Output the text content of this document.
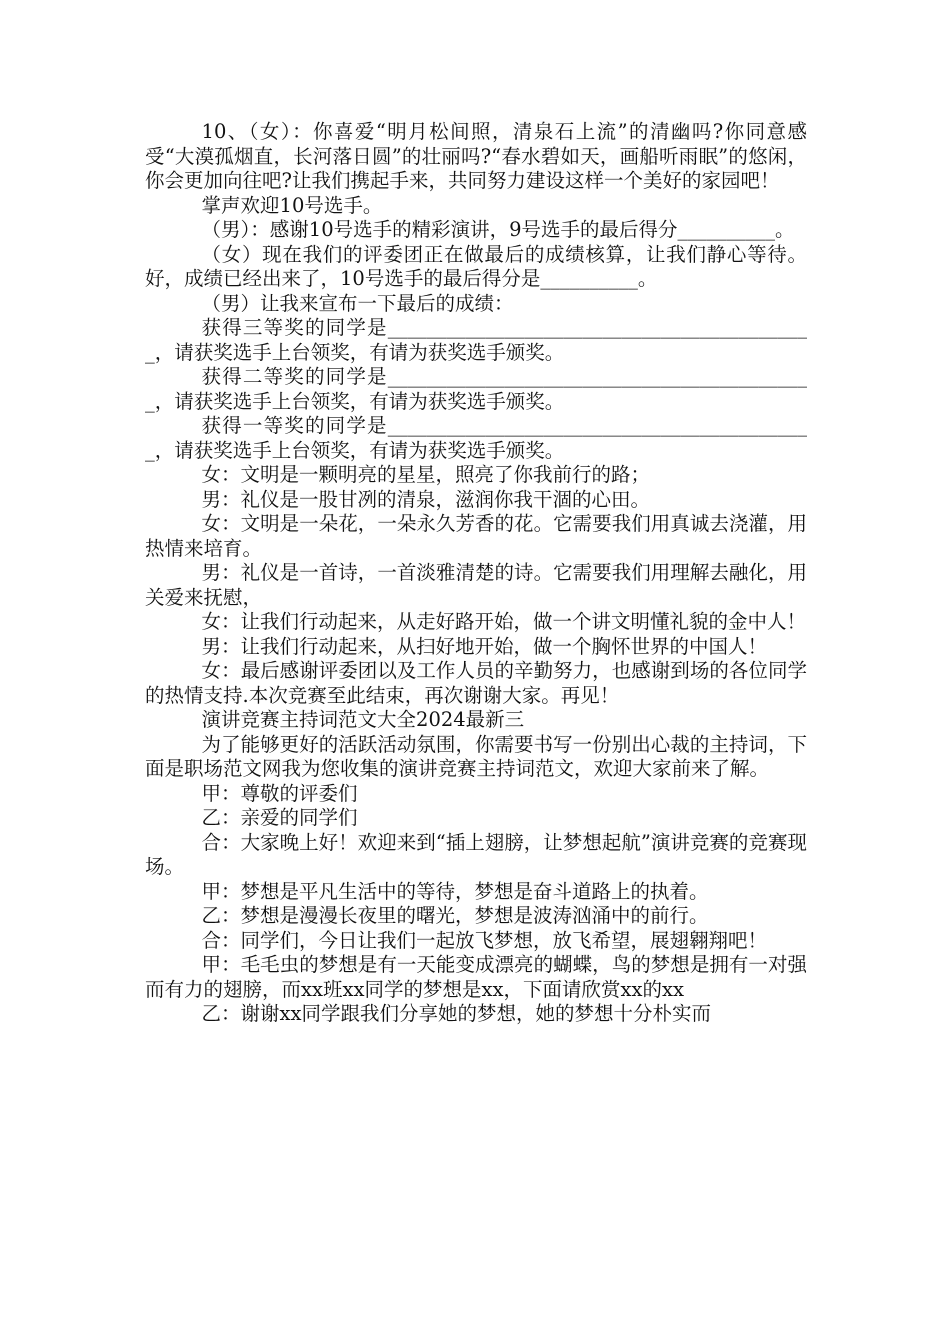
10、（女）：你喜爱“明月松间照，清泉石上流”的清幽吗?你同意感受“大漠孤烟直，长河落日圆”的壮丽吗?“春水碧如天，画船听雨眠”的悠闲，你会更加向往吧?让我们携起手来，共同努力建设这样一个美好的家园吧！

掌声欢迎10号选手。

（男）：感谢10号选手的精彩演讲，9号选手的最后得分__________。

（女）现在我们的评委团正在做最后的成绩核算，让我们静心等待。好，成绩已经出来了，10号选手的最后得分是__________。

（男）让我来宣布一下最后的成绩：

获得三等奖的同学是____________________________________________，请获奖选手上台领奖，有请为获奖选手颁奖。

获得二等奖的同学是____________________________________________，请获奖选手上台领奖，有请为获奖选手颁奖。

获得一等奖的同学是____________________________________________，请获奖选手上台领奖，有请为获奖选手颁奖。

女：文明是一颗明亮的星星，照亮了你我前行的路；

男：礼仪是一股甘冽的清泉，滋润你我干涸的心田。

女：文明是一朵花，一朵永久芳香的花。它需要我们用真诚去浇灌，用热情来培育。

男：礼仪是一首诗，一首淡雅清楚的诗。它需要我们用理解去融化，用关爱来抚慰，

女：让我们行动起来，从走好路开始，做一个讲文明懂礼貌的金中人！

男：让我们行动起来，从扫好地开始，做一个胸怀世界的中国人！

女：最后感谢评委团以及工作人员的辛勤努力，也感谢到场的各位同学的热情支持.本次竞赛至此结束，再次谢谢大家。再见！

演讲竞赛主持词范文大全2024最新三

为了能够更好的活跃活动氛围，你需要书写一份别出心裁的主持词，下面是职场范文网我为您收集的演讲竞赛主持词范文，欢迎大家前来了解。

甲：尊敬的评委们

乙：亲爱的同学们

合：大家晚上好！欢迎来到“插上翅膀，让梦想起航”演讲竞赛的竞赛现场。

甲：梦想是平凡生活中的等待，梦想是奋斗道路上的执着。

乙：梦想是漫漫长夜里的曙光，梦想是波涛汹涌中的前行。

合：同学们，今日让我们一起放飞梦想，放飞希望，展翅翱翔吧！

甲：毛毛虫的梦想是有一天能变成漂亮的蝴蝶，鸟的梦想是拥有一对强而有力的翅膀，而xx班xx同学的梦想是xx，下面请欣赏xx的xx

乙：谢谢xx同学跟我们分享她的梦想，她的梦想十分朴实而
